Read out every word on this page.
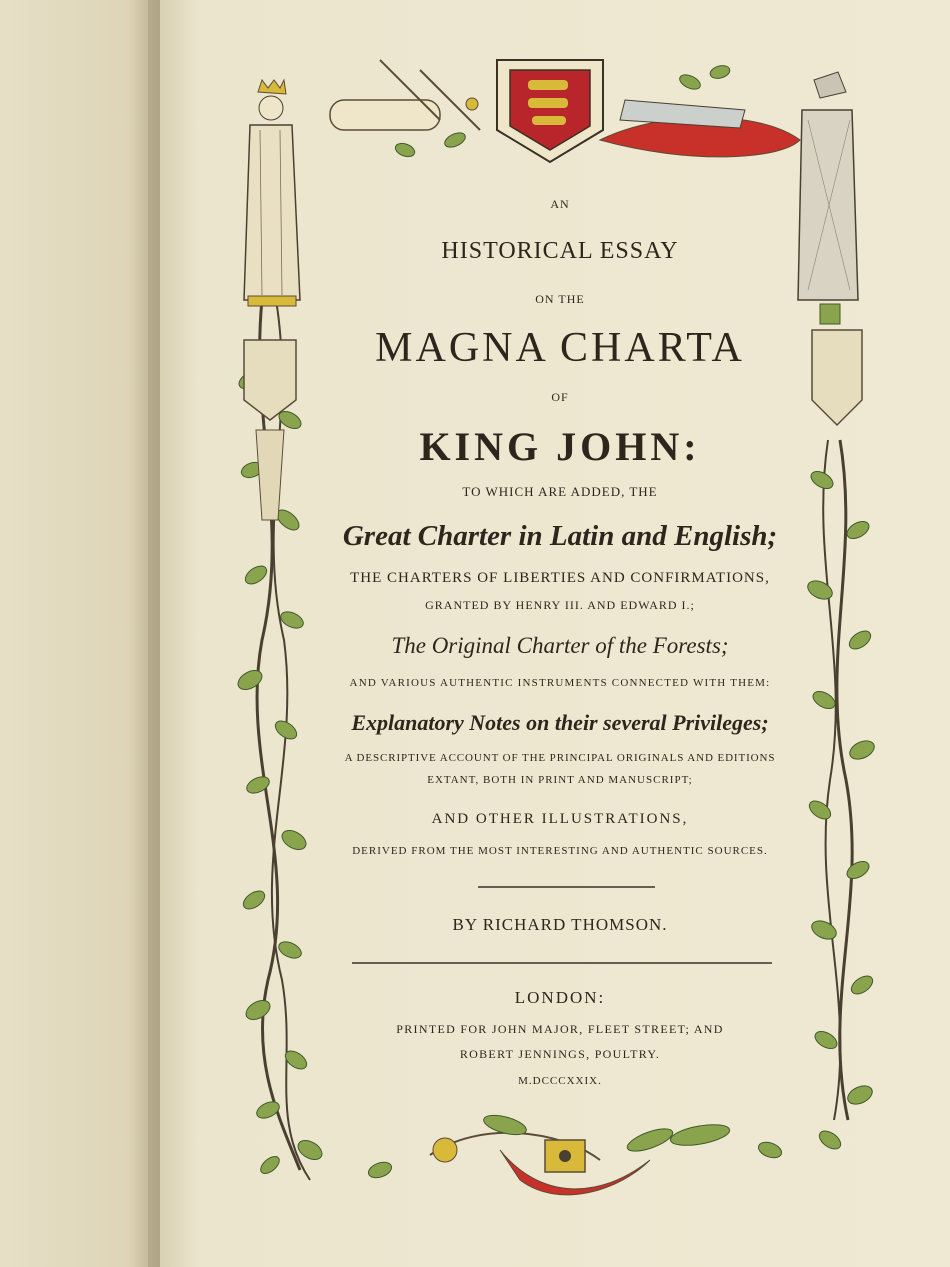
AN
HISTORICAL ESSAY
ON THE
MAGNA CHARTA
OF
KING JOHN:
TO WHICH ARE ADDED, THE
Great Charter in Latin and English;
THE CHARTERS OF LIBERTIES AND CONFIRMATIONS,
GRANTED BY HENRY III. AND EDWARD I.;
The Original Charter of the Forests;
AND VARIOUS AUTHENTIC INSTRUMENTS CONNECTED WITH THEM:
Explanatory Notes on their several Privileges;
A DESCRIPTIVE ACCOUNT OF THE PRINCIPAL ORIGINALS AND EDITIONS
EXTANT, BOTH IN PRINT AND MANUSCRIPT;
AND OTHER ILLUSTRATIONS,
DERIVED FROM THE MOST INTERESTING AND AUTHENTIC SOURCES.
BY RICHARD THOMSON.
LONDON:
PRINTED FOR JOHN MAJOR, FLEET STREET; AND
ROBERT JENNINGS, POULTRY.
M.DCCCXXIX.
